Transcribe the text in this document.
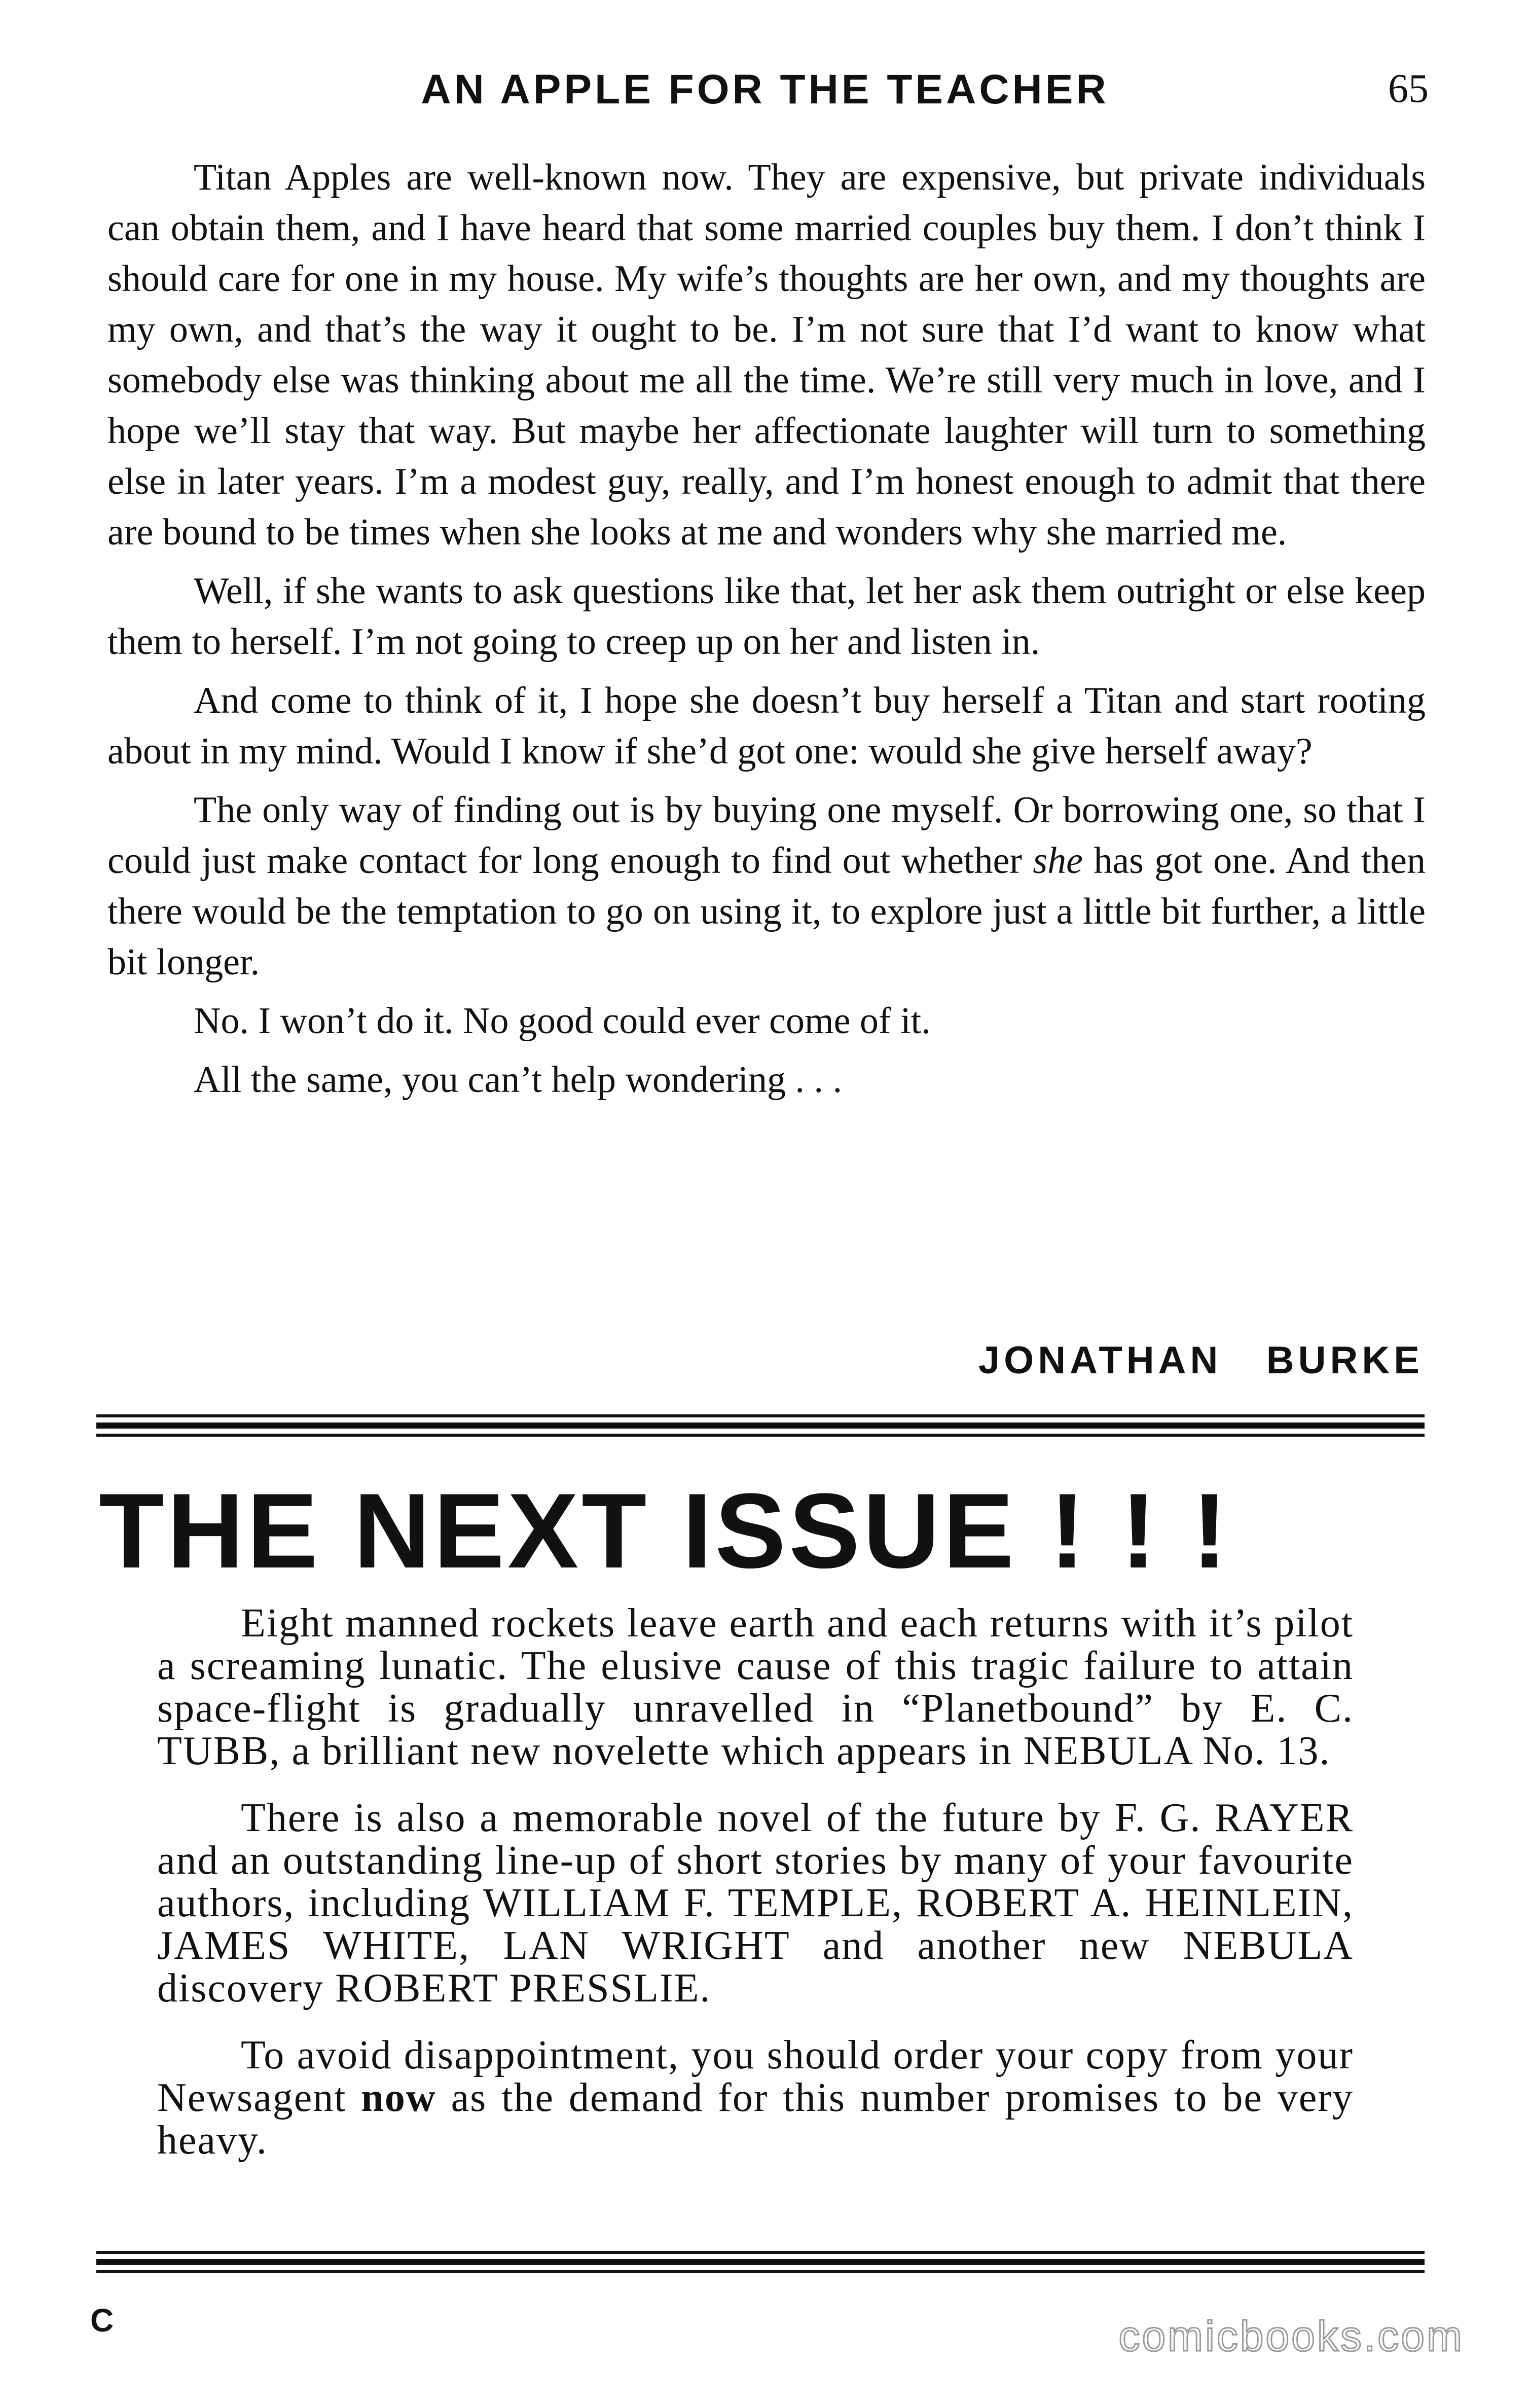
AN APPLE FOR THE TEACHER	65

Titan Apples are well-known now. They are expensive, but private individuals can obtain them, and I have heard that some married couples buy them. I don’t think I should care for one in my house. My wife’s thoughts are her own, and my thoughts are my own, and that’s the way it ought to be. I’m not sure that I’d want to know what somebody else was thinking about me all the time. We’re still very much in love, and I hope we’ll stay that way. But maybe her affectionate laughter will turn to something else in later years. I’m a modest guy, really, and I’m honest enough to admit that there are bound to be times when she looks at me and wonders why she married me.

Well, if she wants to ask questions like that, let her ask them outright or else keep them to herself. I’m not going to creep up on her and listen in.

And come to think of it, I hope she doesn’t buy herself a Titan and start rooting about in my mind. Would I know if she’d got one: would she give herself away?

The only way of finding out is by buying one myself. Or borrowing one, so that I could just make contact for long enough to find out whether she has got one. And then there would be the temptation to go on using it, to explore just a little bit further, a little bit longer.

No. I won’t do it. No good could ever come of it.

All the same, you can’t help wondering . . .

JONATHAN   BURKE
THE NEXT ISSUE ! ! !

Eight manned rockets leave earth and each returns with it’s pilot a screaming lunatic. The elusive cause of this tragic failure to attain space-flight is gradually unravelled in “Planetbound” by E. C. TUBB, a brilliant new novelette which appears in NEBULA No. 13.

There is also a memorable novel of the future by F. G. RAYER and an outstanding line-up of short stories by many of your favourite authors, including WILLIAM F. TEMPLE, ROBERT A. HEINLEIN, JAMES WHITE, LAN WRIGHT and another new NEBULA discovery ROBERT PRESSLIE.

To avoid disappointment, you should order your copy from your Newsagent now as the demand for this number promises to be very heavy.

C	comicbooks.com
